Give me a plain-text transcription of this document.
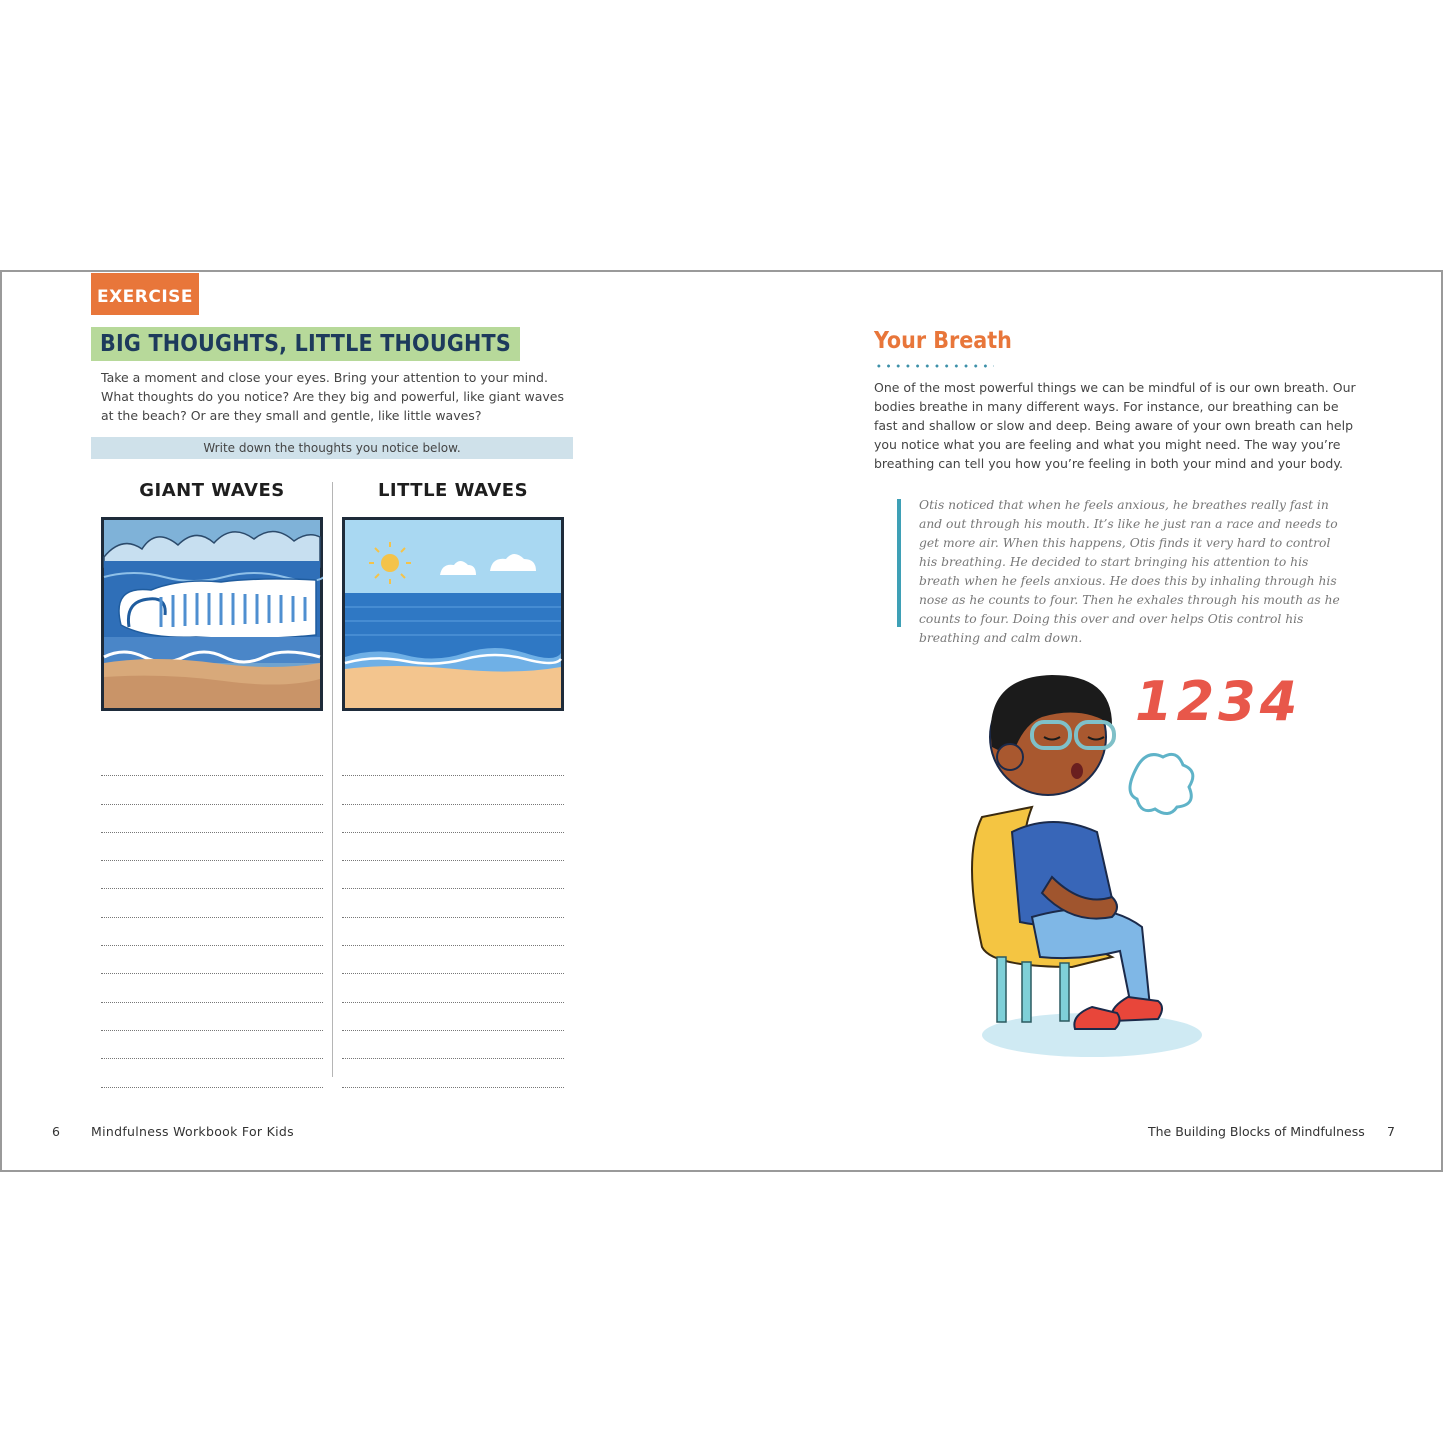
EXERCISE
BIG THOUGHTS, LITTLE THOUGHTS
Take a moment and close your eyes. Bring your attention to your mind. What thoughts do you notice? Are they big and powerful, like giant waves at the beach? Or are they small and gentle, like little waves?
Write down the thoughts you notice below.
GIANT WAVES	LITTLE WAVES
6 Mindfulness Workbook For Kids
Your Breath
One of the most powerful things we can be mindful of is our own breath. Our bodies breathe in many different ways. For instance, our breathing can be fast and shallow or slow and deep. Being aware of your own breath can help you notice what you are feeling and what you might need. The way you’re breathing can tell you how you’re feeling in both your mind and your body.
Otis noticed that when he feels anxious, he breathes really fast in and out through his mouth. It’s like he just ran a race and needs to get more air. When this happens, Otis finds it very hard to control his breathing. He decided to start bringing his attention to his breath when he feels anxious. He does this by inhaling through his nose as he counts to four. Then he exhales through his mouth as he counts to four. Doing this over and over helps Otis control his breathing and calm down.
1234
The Building Blocks of Mindfulness 7
